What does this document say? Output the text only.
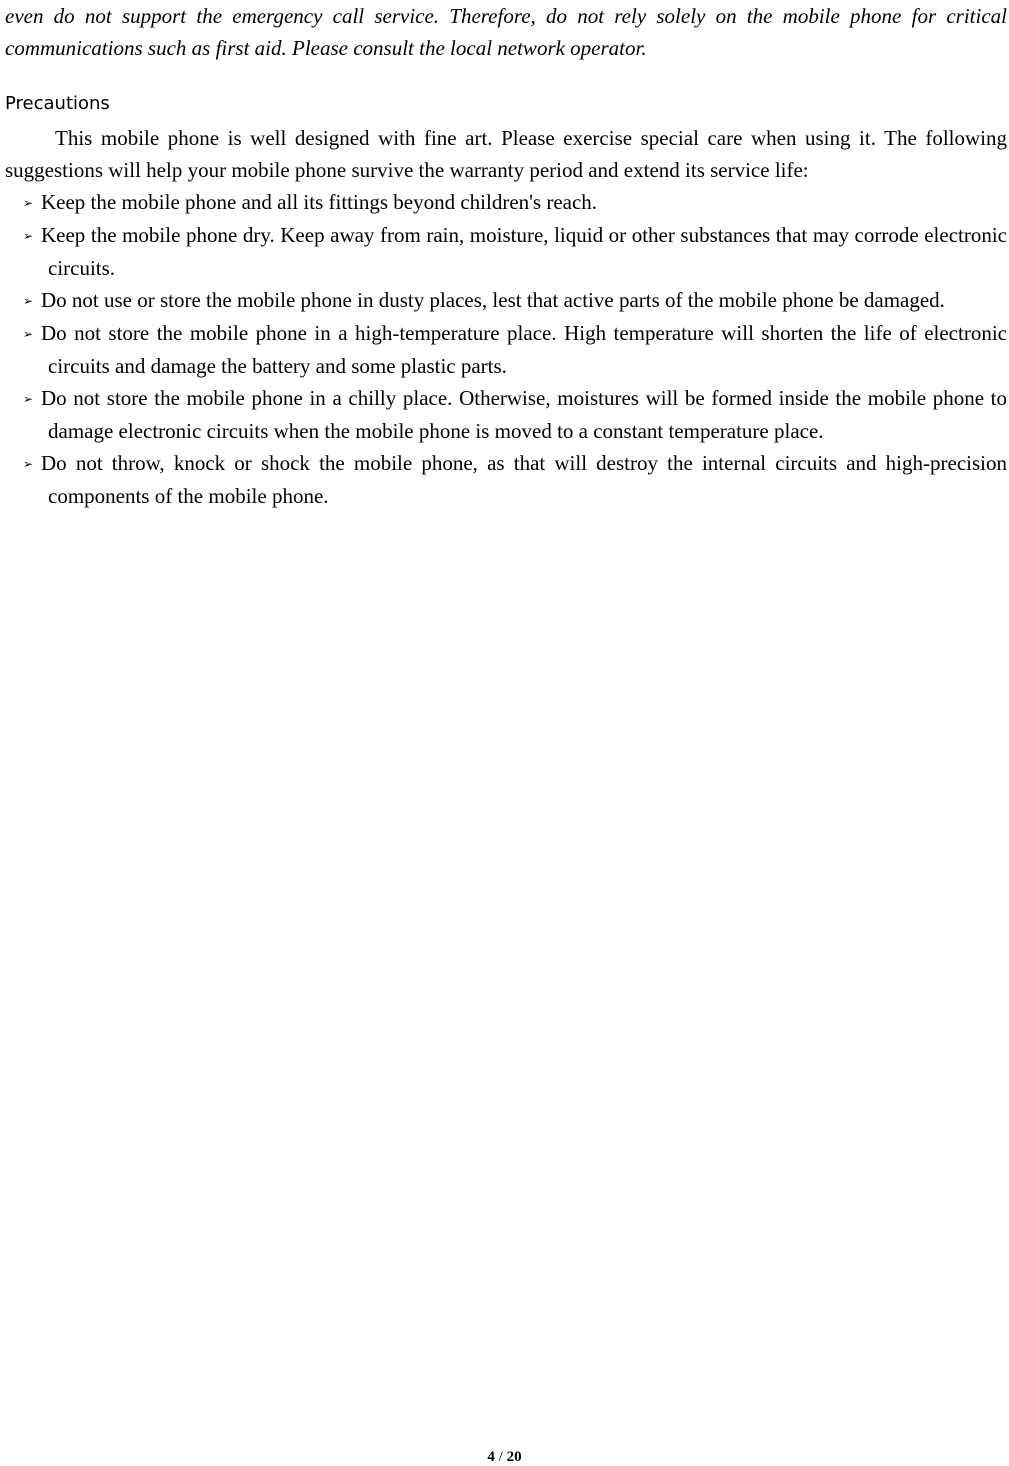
even do not support the emergency call service. Therefore, do not rely solely on the mobile phone for critical communications such as first aid. Please consult the local network operator.

Precautions

This mobile phone is well designed with fine art. Please exercise special care when using it. The following suggestions will help your mobile phone survive the warranty period and extend its service life:

➢ Keep the mobile phone and all its fittings beyond children's reach.
➢ Keep the mobile phone dry. Keep away from rain, moisture, liquid or other substances that may corrode electronic circuits.
➢ Do not use or store the mobile phone in dusty places, lest that active parts of the mobile phone be damaged.
➢ Do not store the mobile phone in a high-temperature place. High temperature will shorten the life of electronic circuits and damage the battery and some plastic parts.
➢ Do not store the mobile phone in a chilly place. Otherwise, moistures will be formed inside the mobile phone to damage electronic circuits when the mobile phone is moved to a constant temperature place.
➢ Do not throw, knock or shock the mobile phone, as that will destroy the internal circuits and high-precision components of the mobile phone.
4 / 20
